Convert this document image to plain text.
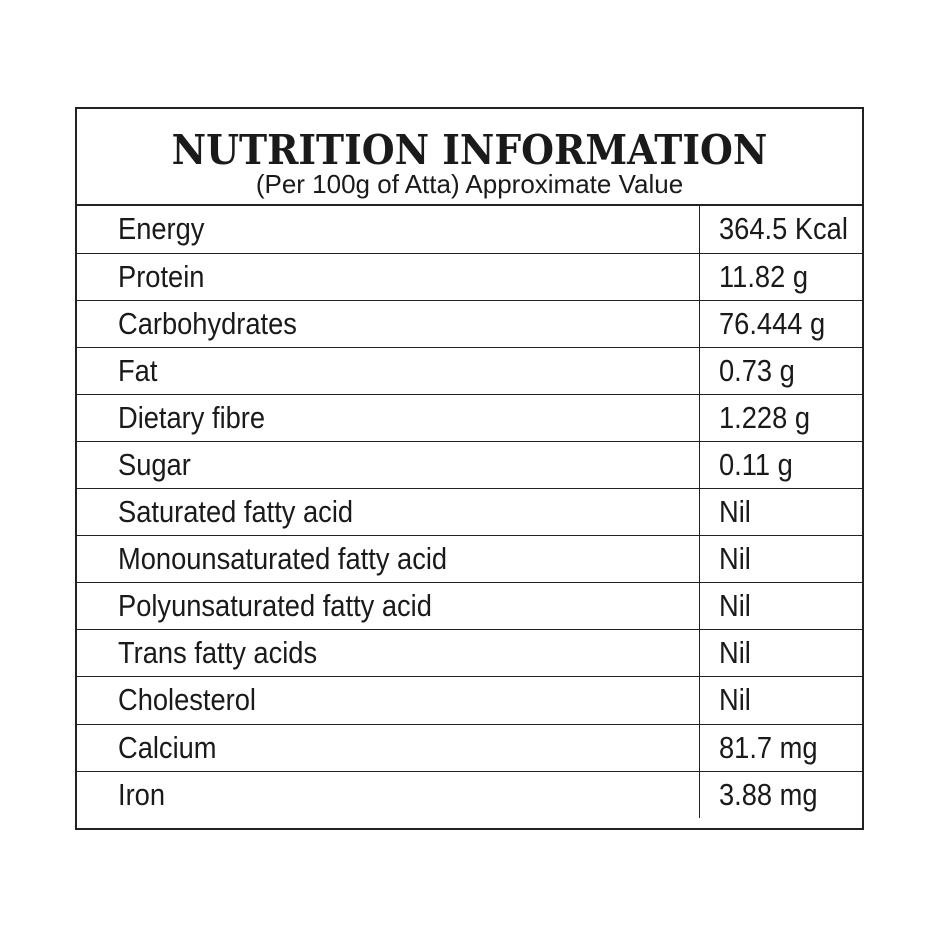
NUTRITION INFORMATION
(Per 100g of Atta) Approximate Value
Energy	364.5 Kcal
Protein	11.82 g
Carbohydrates	76.444 g
Fat	0.73 g
Dietary fibre	1.228 g
Sugar	0.11 g
Saturated fatty acid	Nil
Monounsaturated fatty acid	Nil
Polyunsaturated fatty acid	Nil
Trans fatty acids	Nil
Cholesterol	Nil
Calcium	81.7 mg
Iron	3.88 mg
